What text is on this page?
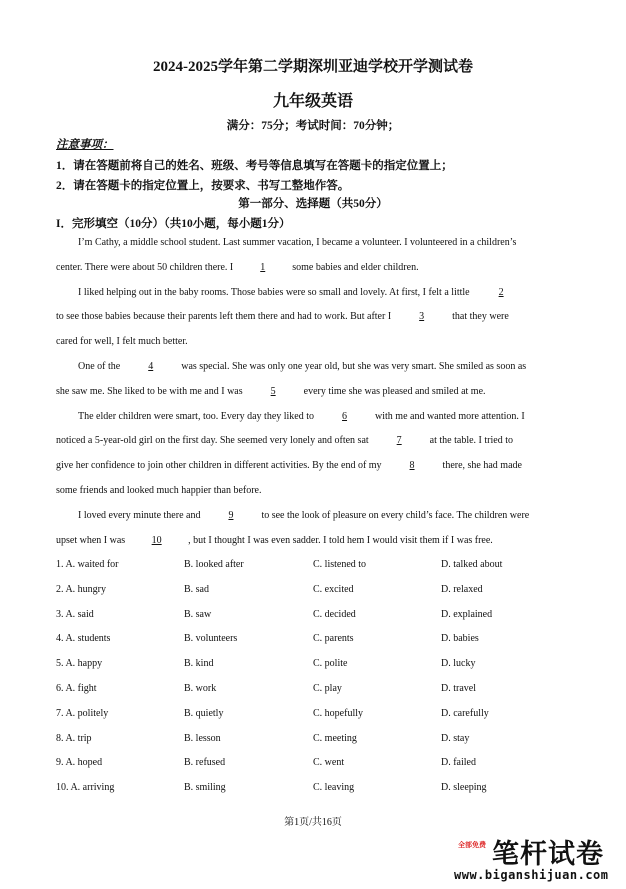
2024-2025学年第二学期深圳亚迪学校开学测试卷
九年级英语
满分：75分；考试时间：70分钟；
注意事项：
1．请在答题前将自己的姓名、班级、考号等信息填写在答题卡的指定位置上；
2．请在答题卡的指定位置上，按要求、书写工整地作答。
第一部分、选择题（共50分）
I．完形填空（10分）（共10小题，每小题1分）
I’m Cathy, a middle school student. Last summer vacation, I became a volunteer. I volunteered in a children’s
center. There were about 50 children there. I 1 some babies and elder children.
I liked helping out in the baby rooms. Those babies were so small and lovely. At first, I felt a little	2
to see those babies because their parents left them there and had to work. But after I	3	that they were
cared for well, I felt much better.
One of the	4	was special. She was only one year old, but she was very smart. She smiled as soon as
she saw me. She liked to be with me and I was	5	every time she was pleased and smiled at me.
The elder children were smart, too. Every day they liked to	6	with me and wanted more attention. I
noticed a 5-year-old girl on the first day. She seemed very lonely and often sat	7	at the table. I tried to
give her confidence to join other children in different activities. By the end of my	8	there, she had made
some friends and looked much happier than before.
I loved every minute there and	9	to see the look of pleasure on every child’s face. The children were
upset when I was 10 , but I thought I was even sadder. I told hem I would visit them if I was free.
1. A. waited for	B. looked after	C. listened to	D. talked about
2. A. hungry	B. sad	C. excited	D. relaxed
3. A. said	B. saw	C. decided	D. explained
4. A. students	B. volunteers	C. parents	D. babies
5. A. happy	B. kind	C. polite	D. lucky
6. A. fight	B. work	C. play	D. travel
7. A. politely	B. quietly	C. hopefully	D. carefully
8. A. trip	B. lesson	C. meeting	D. stay
9. A. hoped	B. refused	C. went	D. failed
10. A. arriving	B. smiling	C. leaving	D. sleeping
第1页/共16页
全部免费 笔杆试卷
www.biganshijuan.com
